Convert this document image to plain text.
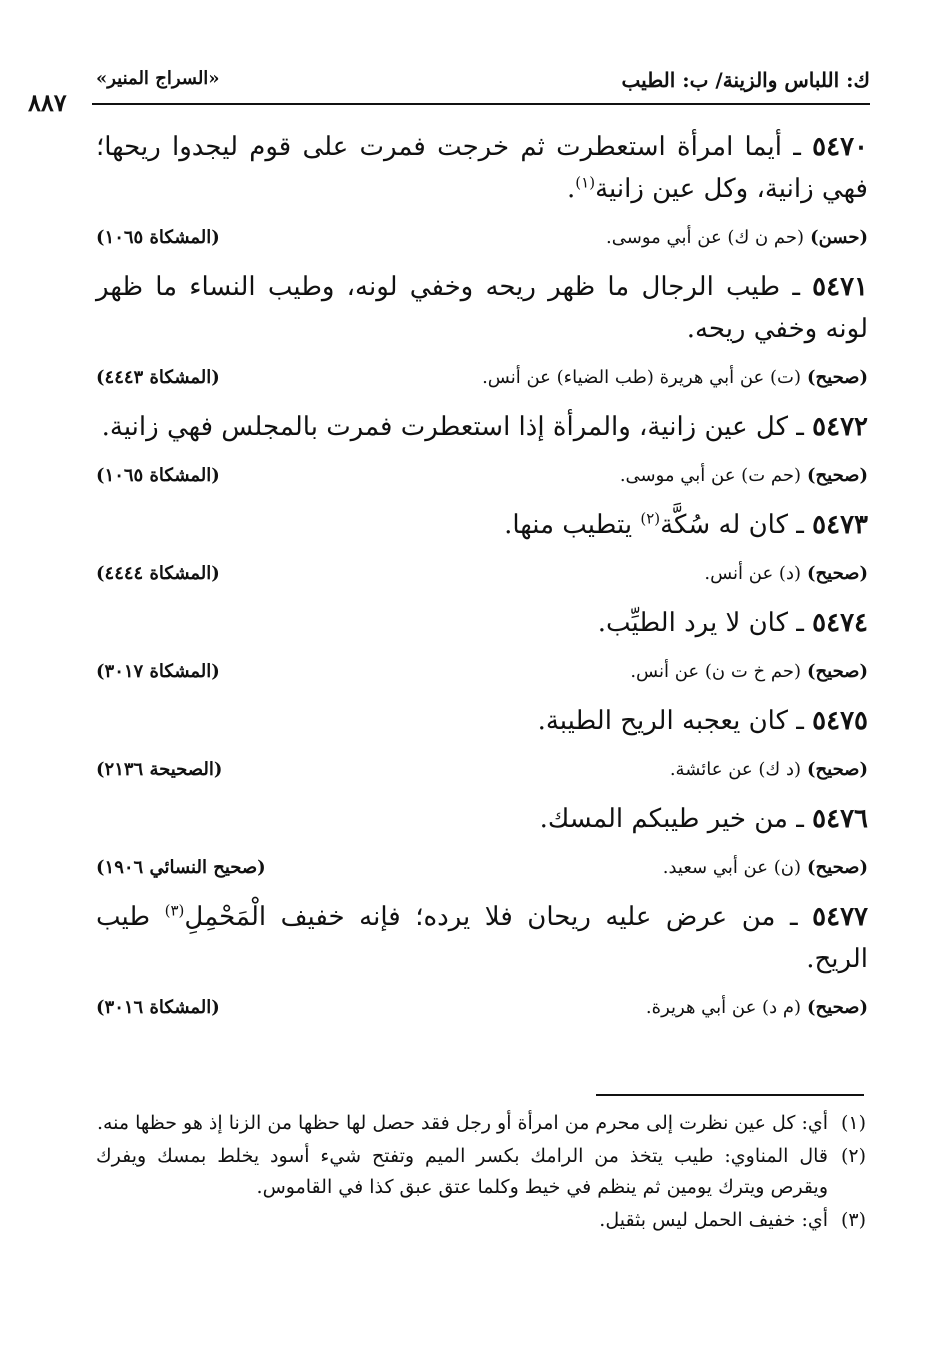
ك: اللباس والزينة/ ب: الطيب
«السراج المنير»
٨٨٧
٥٤٧٠ ـ أيما امرأة استعطرت ثم خرجت فمرت على قوم ليجدوا ريحها؛ فهي زانية، وكل عين زانية$^{(١)}$.
(حسن)
(حم ن ك) عن أبي موسى.
(المشكاة ١٠٦٥)
٥٤٧١ ـ طيب الرجال ما ظهر ريحه وخفي لونه، وطيب النساء ما ظهر لونه وخفي ريحه.
(صحيح)
(ت) عن أبي هريرة (طب الضياء) عن أنس.
(المشكاة ٤٤٤٣)
٥٤٧٢ ـ كل عين زانية، والمرأة إذا استعطرت فمرت بالمجلس فهي زانية.
(صحيح)
(حم ت) عن أبي موسى.
(المشكاة ١٠٦٥)
٥٤٧٣ ـ كان له سُكَّة$^{(٢)}$ يتطيب منها.
(صحيح)
(د) عن أنس.
(المشكاة ٤٤٤٤)
٥٤٧٤ ـ كان لا يرد الطيِّب.
(صحيح)
(حم خ ت ن) عن أنس.
(المشكاة ٣٠١٧)
٥٤٧٥ ـ كان يعجبه الريح الطيبة.
(صحيح)
(د ك) عن عائشة.
(الصحيحة ٢١٣٦)
٥٤٧٦ ـ من خير طيبكم المسك.
(صحيح)
(ن) عن أبي سعيد.
(صحيح النسائي ١٩٠٦)
٥٤٧٧ ـ من عرض عليه ريحان فلا يرده؛ فإنه خفيف الْمَحْمِلِ$^{(٣)}$ طيب الريح.
(صحيح)
(م د) عن أبي هريرة.
(المشكاة ٣٠١٦)
(١)
أي: كل عين نظرت إلى محرم من امرأة أو رجل فقد حصل لها حظها من الزنا إذ هو حظها منه.
(٢)
قال المناوي: طيب يتخذ من الرامك بكسر الميم وتفتح شيء أسود يخلط بمسك ويفرك ويقرص ويترك يومين ثم ينظم في خيط وكلما عتق عبق كذا في القاموس.
(٣)
أي: خفيف الحمل ليس بثقيل.
